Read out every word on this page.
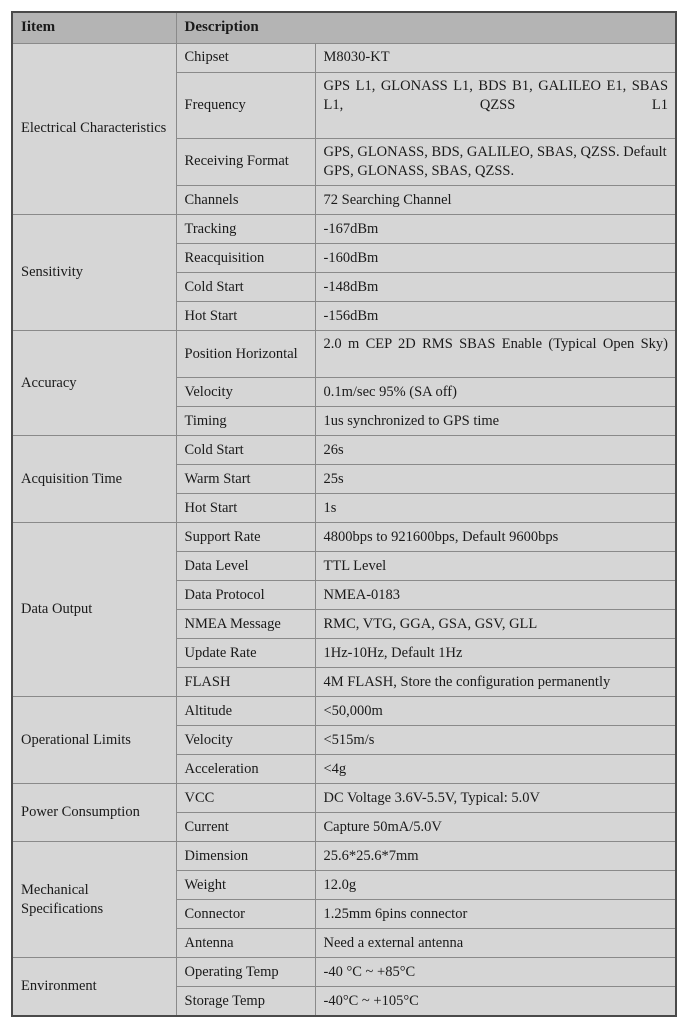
Iitem	Description	
Electrical Characteristics	Chipset	M8030-KT
	Frequency	GPS L1, GLONASS L1, BDS B1, GALILEO E1, SBAS L1, QZSS L1
	Receiving Format	GPS, GLONASS, BDS, GALILEO, SBAS, QZSS. Default GPS, GLONASS, SBAS, QZSS.
	Channels	72 Searching Channel
Sensitivity	Tracking	-167dBm
	Reacquisition	-160dBm
	Cold Start	-148dBm
	Hot Start	-156dBm
Accuracy	Position Horizontal	2.0 m CEP 2D RMS SBAS Enable (Typical Open Sky)
	Velocity	0.1m/sec 95% (SA off)
	Timing	1us synchronized to GPS time
Acquisition Time	Cold Start	26s
	Warm Start	25s
	Hot Start	1s
Data Output	Support Rate	4800bps to 921600bps, Default 9600bps
	Data Level	TTL Level
	Data Protocol	NMEA-0183
	NMEA Message	RMC, VTG, GGA, GSA, GSV, GLL
	Update Rate	1Hz-10Hz, Default 1Hz
	FLASH	4M FLASH, Store the configuration permanently
Operational Limits	Altitude	<50,000m
	Velocity	<515m/s
	Acceleration	<4g
Power Consumption	VCC	DC Voltage 3.6V-5.5V, Typical: 5.0V
	Current	Capture 50mA/5.0V
Mechanical Specifications	Dimension	25.6*25.6*7mm
	Weight	12.0g
	Connector	1.25mm 6pins connector
	Antenna	Need a external antenna
Environment	Operating Temp	-40 °C ~ +85°C
	Storage Temp	-40°C ~ +105°C
